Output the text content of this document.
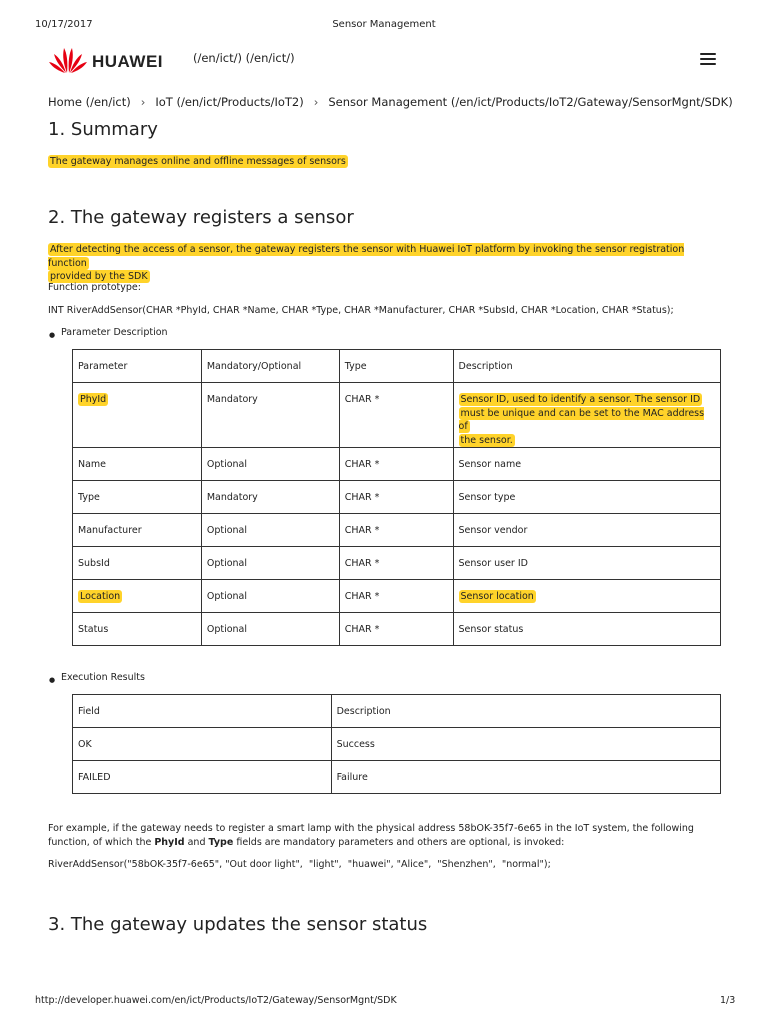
10/17/2017	Sensor Management
HUAWEI	(/en/ict/) (/en/ict/)
Home (/en/ict) › IoT (/en/ict/Products/IoT2) › Sensor Management (/en/ict/Products/IoT2/Gateway/SensorMgnt/SDK)
1. Summary
The gateway manages online and offline messages of sensors
2. The gateway registers a sensor
After detecting the access of a sensor, the gateway registers the sensor with Huawei IoT platform by invoking the sensor registration function
provided by the SDK
Function prototype:
INT RiverAddSensor(CHAR *PhyId, CHAR *Name, CHAR *Type, CHAR *Manufacturer, CHAR *SubsId, CHAR *Location, CHAR *Status);
Parameter Description
Parameter	Mandatory/Optional	Type	Description
PhyId	Mandatory	CHAR *	Sensor ID, used to identify a sensor. The sensor ID
must be unique and can be set to the MAC address of
the sensor.
Name	Optional	CHAR *	Sensor name
Type	Mandatory	CHAR *	Sensor type
Manufacturer	Optional	CHAR *	Sensor vendor
SubsId	Optional	CHAR *	Sensor user ID
Location	Optional	CHAR *	Sensor location
Status	Optional	CHAR *	Sensor status
Execution Results
Field	Description
OK	Success
FAILED	Failure
For example, if the gateway needs to register a smart lamp with the physical address 58bOK-35f7-6e65 in the IoT system, the following
function, of which the PhyId and Type fields are mandatory parameters and others are optional, is invoked:
RiverAddSensor("58bOK-35f7-6e65", "Out door light",  "light",  "huawei", "Alice",  "Shenzhen",  "normal");
3. The gateway updates the sensor status
http://developer.huawei.com/en/ict/Products/IoT2/Gateway/SensorMgnt/SDK	1/3
